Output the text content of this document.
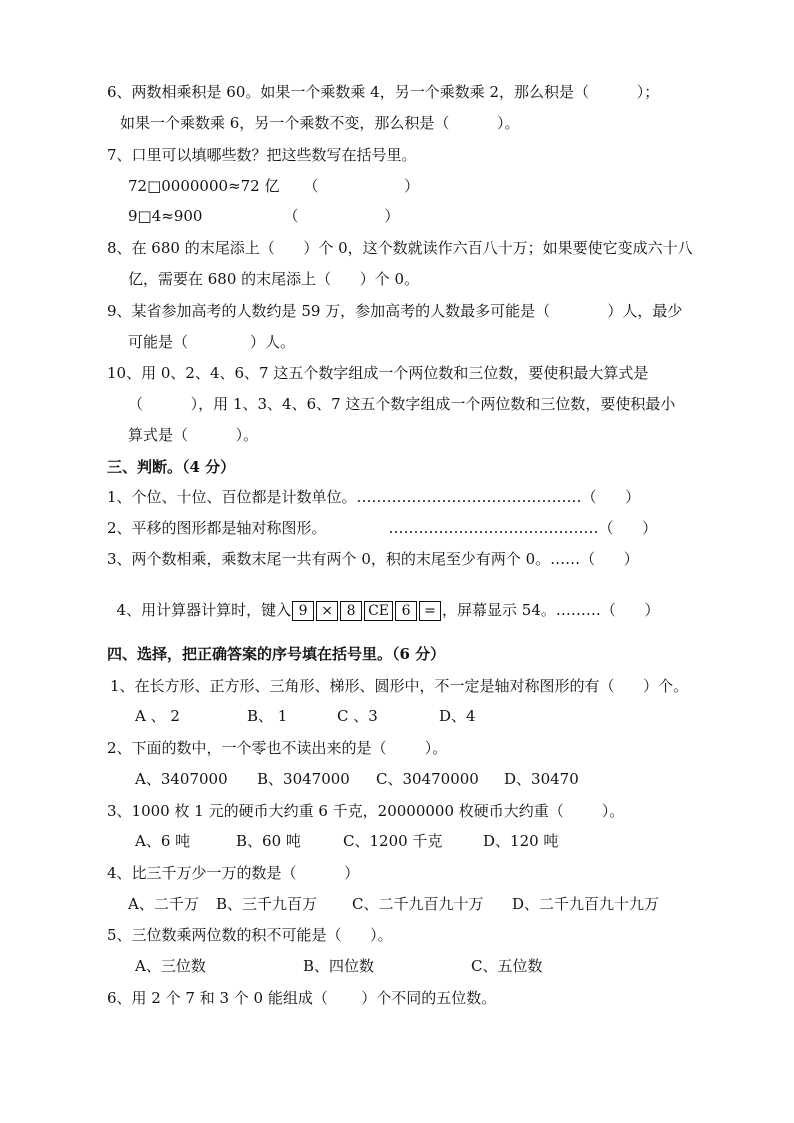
6、两数相乘积是 60。如果一个乘数乘 4，另一个乘数乘 2，那么积是（          ）；
如果一个乘数乘 6，另一个乘数不变，那么积是（          ）。
7、口里可以填哪些数？把这些数写在括号里。
72□0000000≈72 亿     （                  ）
9□4≈900                 （                  ）
8、在 680 的末尾添上（      ）个 0，这个数就读作六百八十万；如果要使它变成六十八
亿，需要在 680 的末尾添上（      ）个 0。
9、某省参加高考的人数约是 59 万，参加高考的人数最多可能是（            ）人，最少
可能是（             ）人。
10、用 0、2、4、6、7 这五个数字组成一个两位数和三位数，要使积最大算式是
（          ），用 1、3、4、6、7 这五个数字组成一个两位数和三位数，要使积最小
算式是（          ）。
三、判断。（4 分）
1、个位、十位、百位都是计数单位。………………………………………（      ）
2、平移的图形都是轴对称图形。             ……………………………………（      ）
3、两个数相乘，乘数末尾一共有两个 0，积的末尾至少有两个 0。……（      ）

4、用计算器计算时，键入 9 × 8 CE 6 = ，屏幕显示 54。………（      ）

四、选择，把正确答案的序号填在括号里。（6 分）
1、在长方形、正方形、三角形、梯形、圆形中，不一定是轴对称图形的有（      ）个。
A 、 2	B、 1	C 、3	D、4
2、下面的数中，一个零也不读出来的是（        ）。
A、3407000 B、3047000 C、30470000 D、30470
3、1000 枚 1 元的硬币大约重 6 千克，20000000 枚硬币大约重（        ）。
A、6 吨	B、60 吨	C、1200 千克	D、120 吨
4、比三千万少一万的数是（          ）
A、二千万 B、三千九百万 C、二千九百九十万 D、二千九百九十九万
5、三位数乘两位数的积不可能是（      ）。
A、三位数	B、四位数	C、五位数
6、用 2 个 7 和 3 个 0 能组成（       ）个不同的五位数。
